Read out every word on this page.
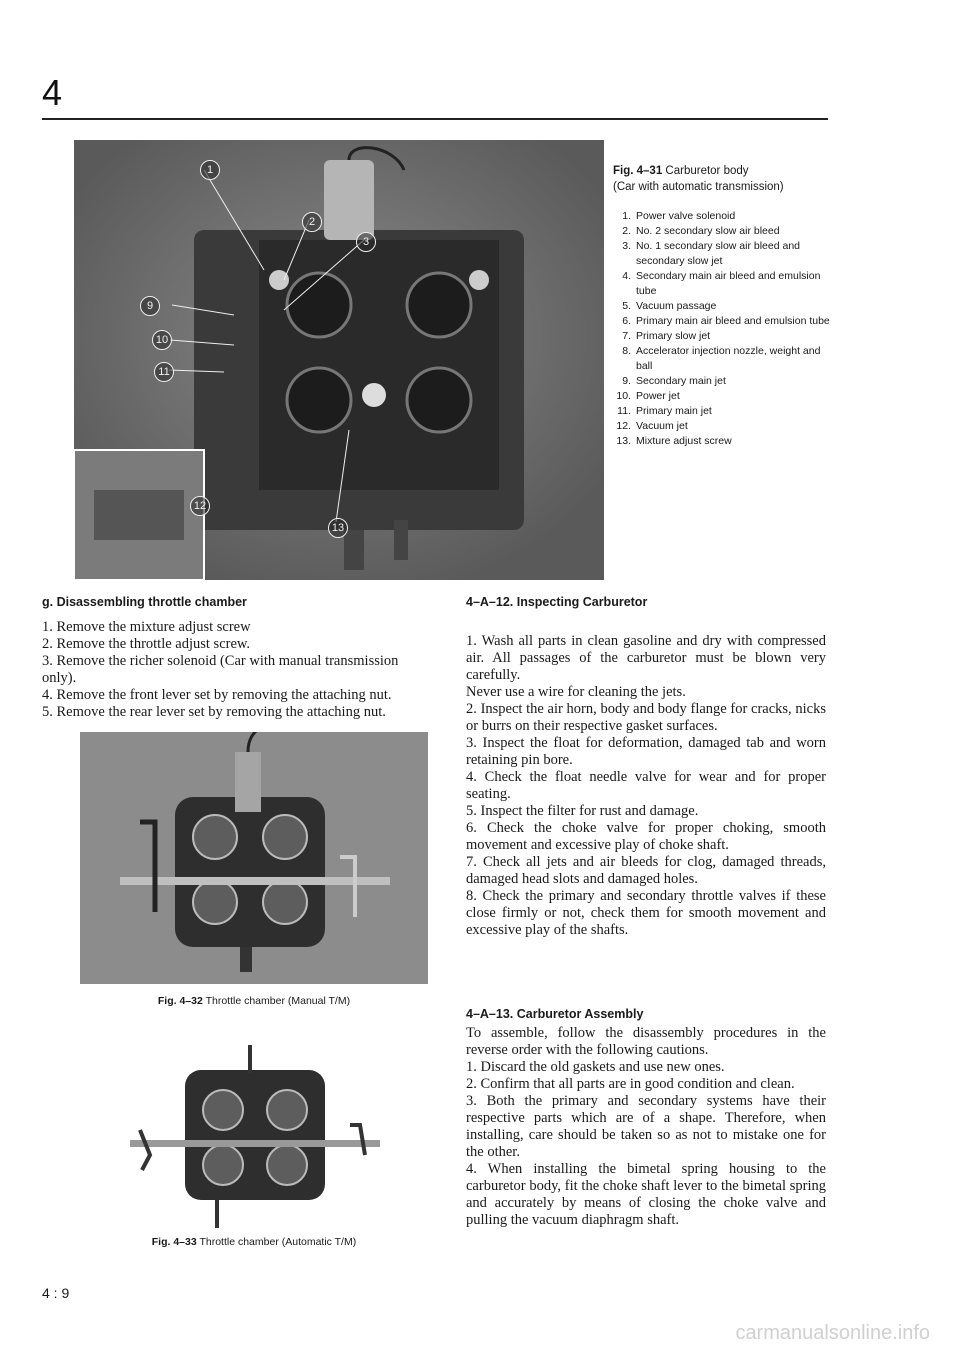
4
1
2
3
9
10
11
12
13
Fig. 4–31 Carburetor body
(Car with automatic transmission)
1. Power valve solenoid
2. No. 2 secondary slow air bleed
3. No. 1 secondary slow air bleed and secondary slow jet
4. Secondary main air bleed and emulsion tube
5. Vacuum passage
6. Primary main air bleed and emulsion tube
7. Primary slow jet
8. Accelerator injection nozzle, weight and ball
9. Secondary main jet
10. Power jet
11. Primary main jet
12. Vacuum jet
13. Mixture adjust screw
g. Disassembling throttle chamber

1. Remove the mixture adjust screw

2. Remove the throttle adjust screw.

3. Remove the richer solenoid (Car with manual transmission only).

4. Remove the front lever set by removing the attaching nut.

5. Remove the rear lever set by removing the attaching nut.

Fig. 4–32 Throttle chamber (Manual T/M)
Fig. 4–33 Throttle chamber (Automatic T/M)
4–A–12. Inspecting Carburetor

1. Wash all parts in clean gasoline and dry with compressed air. All passages of the carburetor must be blown very carefully.

Never use a wire for cleaning the jets.

2. Inspect the air horn, body and body flange for cracks, nicks or burrs on their respective gasket surfaces.

3. Inspect the float for deformation, damaged tab and worn retaining pin bore.

4. Check the float needle valve for wear and for proper seating.

5. Inspect the filter for rust and damage.

6. Check the choke valve for proper choking, smooth movement and excessive play of choke shaft.

7. Check all jets and air bleeds for clog, damaged threads, damaged head slots and damaged holes.

8. Check the primary and secondary throttle valves if these close firmly or not, check them for smooth movement and excessive play of the shafts.

4–A–13. Carburetor Assembly

To assemble, follow the disassembly procedures in the reverse order with the following cautions.

1. Discard the old gaskets and use new ones.

2. Confirm that all parts are in good condition and clean.

3. Both the primary and secondary systems have their respective parts which are of a shape. Therefore, when installing, care should be taken so as not to mistake one for the other.

4. When installing the bimetal spring housing to the carburetor body, fit the choke shaft lever to the bimetal spring and accurately by means of closing the choke valve and pulling the vacuum diaphragm shaft.

4 : 9
carmanualsonline.info
